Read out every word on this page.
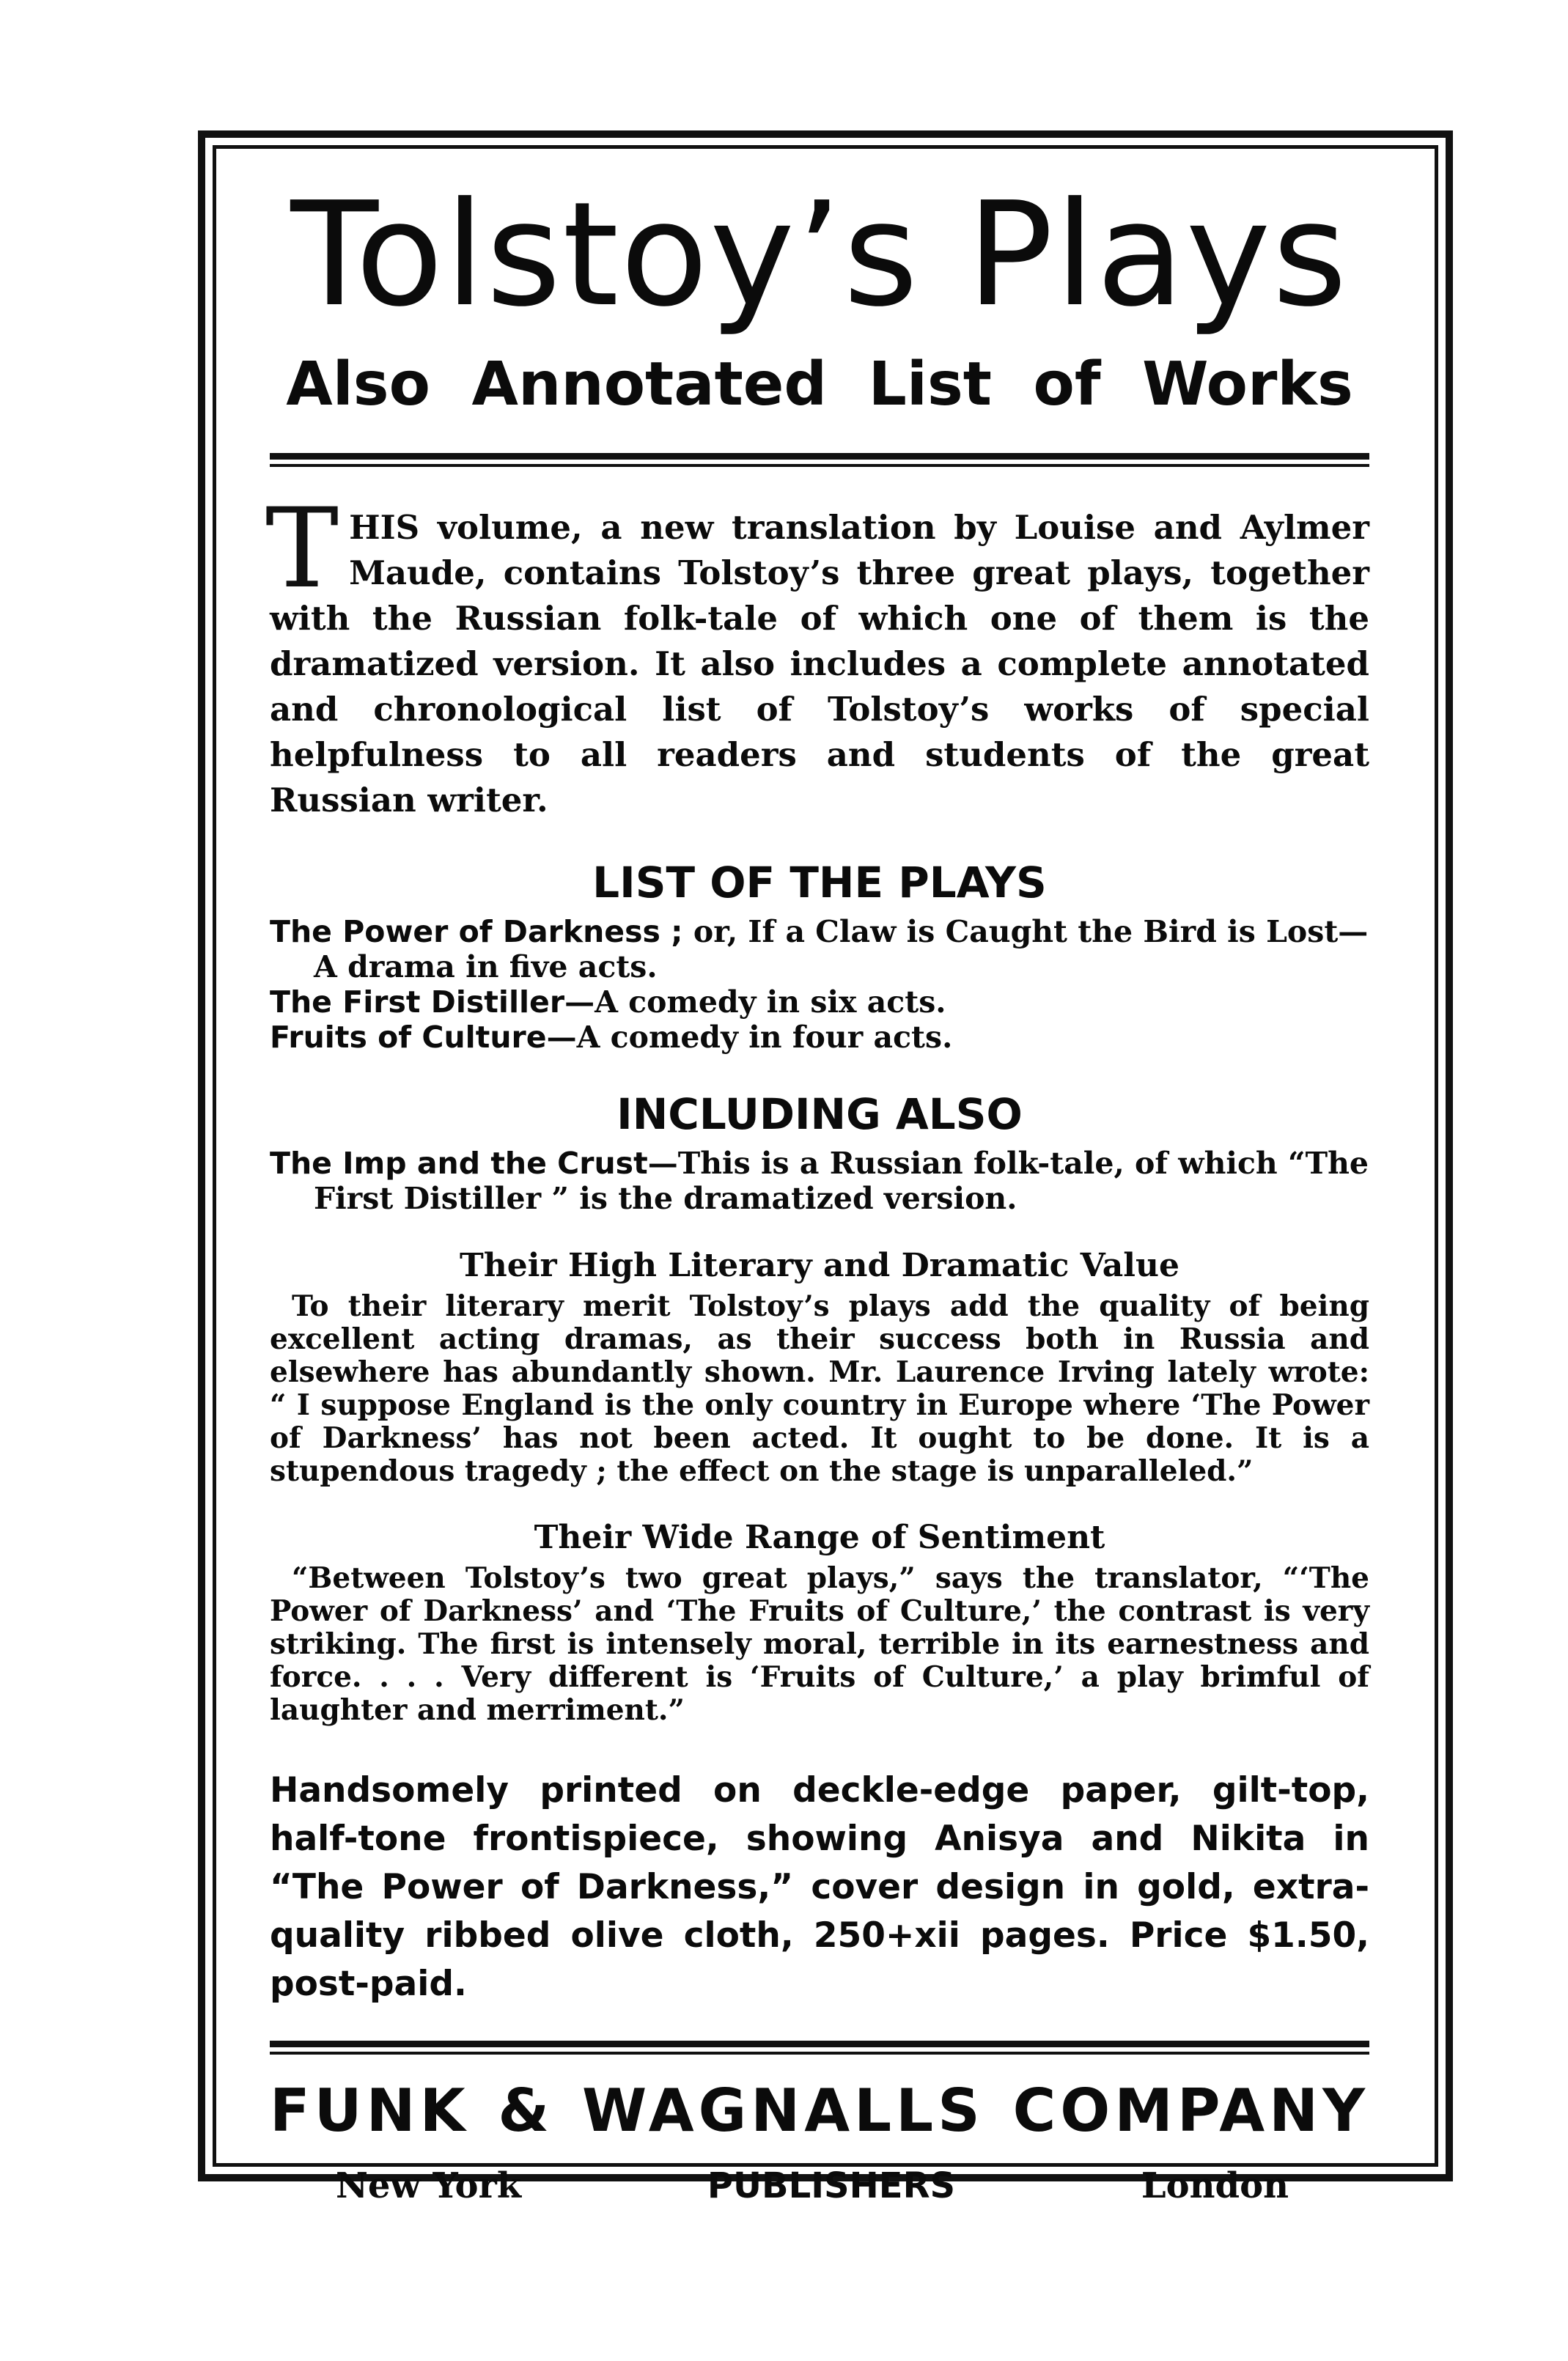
Tolstoy’s Plays
Also Annotated List of Works
T HIS volume, a new translation by Louise and Aylmer Maude, contains Tolstoy’s three great plays, together with the Russian folk-tale of which one of them is the dramatized version. It also includes a complete annotated and chronological list of Tolstoy’s works of special helpfulness to all readers and students of the great Russian writer.
LIST OF THE PLAYS
The Power of Darkness ; or, If a Claw is Caught the Bird is Lost—A drama in five acts.
The First Distiller—A comedy in six acts.
Fruits of Culture—A comedy in four acts.
INCLUDING ALSO
The Imp and the Crust—This is a Russian folk-tale, of which “The First Distiller ” is the dramatized version.
Their High Literary and Dramatic Value
To their literary merit Tolstoy’s plays add the quality of being excellent acting dramas, as their success both in Russia and elsewhere has abundantly shown. Mr. Laurence Irving lately wrote: “ I suppose England is the only country in Europe where ‘The Power of Darkness’ has not been acted. It ought to be done. It is a stupendous tragedy ; the effect on the stage is unparalleled.”
Their Wide Range of Sentiment
“Between Tolstoy’s two great plays,” says the translator, “‘The Power of Darkness’ and ‘The Fruits of Culture,’ the contrast is very striking. The first is intensely moral, terrible in its earnestness and force. . . . Very different is ‘Fruits of Culture,’ a play brimful of laughter and merriment.”
Handsomely printed on deckle-edge paper, gilt-top, half-tone frontispiece, showing Anisya and Nikita in “The Power of Darkness,” cover design in gold, extra-quality ribbed olive cloth, 250+xii pages. Price $1.50, post-paid.
FUNK & WAGNALLS COMPANY
New York	PUBLISHERS	London
